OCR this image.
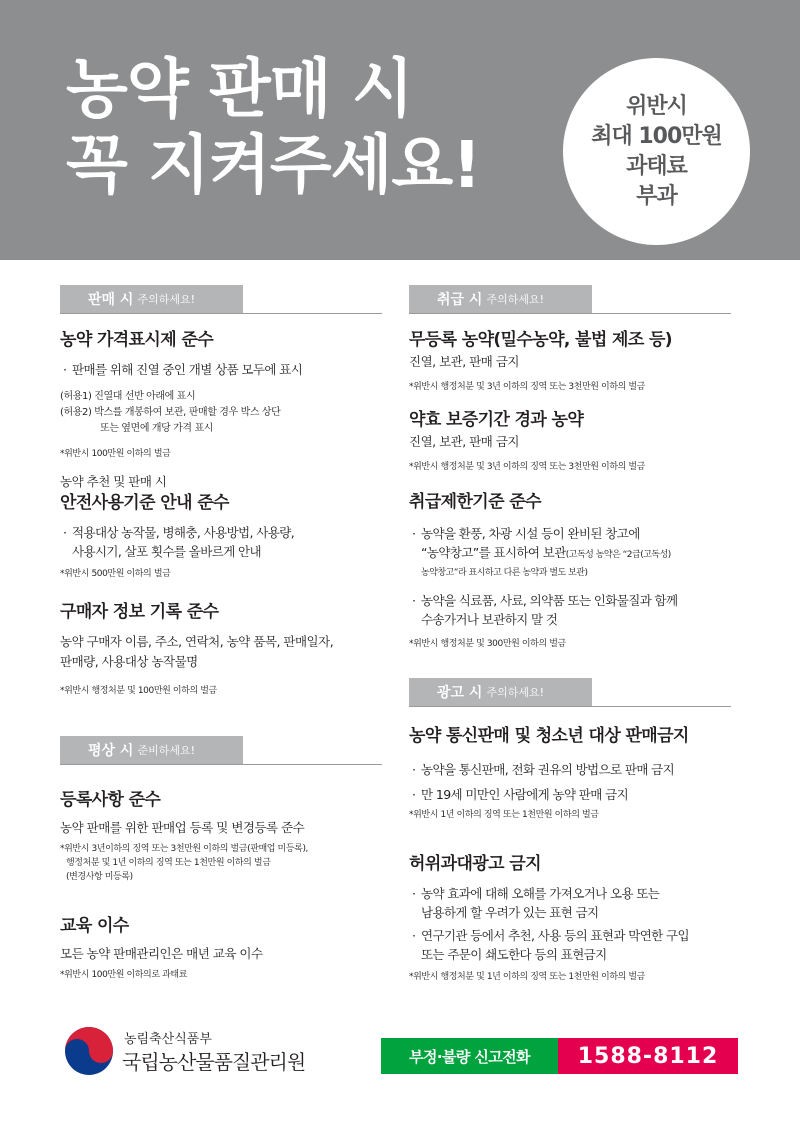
농약 판매 시
꼭 지켜주세요!
위반시
최대 100만원
과태료
부과
판매 시 주의하세요!
농약 가격표시제 준수
· 판매를 위해 진열 중인 개별 상품 모두에 표시
(허용1) 진열대 선반 아래에 표시
(허용2) 박스를 개봉하여 보관, 판매할 경우 박스 상단
또는 옆면에 개당 가격 표시
*위반시 100만원 이하의 벌금
농약 추천 및 판매 시
안전사용기준 안내 준수
· 적용대상 농작물, 병해충, 사용방법, 사용량,
사용시기, 살포 횟수를 올바르게 안내
*위반시 500만원 이하의 벌금
구매자 정보 기록 준수
농약 구매자 이름, 주소, 연락처, 농약 품목, 판매일자,
판매량, 사용대상 농작물명
*위반시 행정처분 및 100만원 이하의 벌금
평상 시 준비하세요!
등록사항 준수
농약 판매를 위한 판매업 등록 및 변경등록 준수
*위반시 3년이하의 징역 또는 3천만원 이하의 벌금(판매업 미등록),
행정처분 및 1년 이하의 징역 또는 1천만원 이하의 벌금
(변경사항 미등록)
교육 이수
모든 농약 판매관리인은 매년 교육 이수
*위반시 100만원 이하의로 과태료
취급 시 주의하세요!
무등록 농약(밀수농약, 불법 제조 등)
진열, 보관, 판매 금지
*위반시 행정처분 및 3년 이하의 징역 또는 3천만원 이하의 벌금
약효 보증기간 경과 농약
진열, 보관, 판매 금지
*위반시 행정처분 및 3년 이하의 징역 또는 3천만원 이하의 벌금
취급제한기준 준수
· 농약을 환풍, 차광 시설 등이 완비된 창고에
“농약창고”를 표시하여 보관(고독성 농약은 “2급(고독성)
농약창고”라 표시하고 다른 농약과 별도 보관)
· 농약을 식료품, 사료, 의약품 또는 인화물질과 함께
수송가거나 보관하지 말 것
*위반시 행정처분 및 300만원 이하의 벌금
광고 시 주의하세요!
농약 통신판매 및 청소년 대상 판매금지
· 농약을 통신판매, 전화 권유의 방법으로 판매 금지
· 만 19세 미만인 사람에게 농약 판매 금지
*위반시 1년 이하의 징역 또는 1천만원 이하의 벌금
허위과대광고 금지
· 농약 효과에 대해 오해를 가져오거나 오용 또는
남용하게 할 우려가 있는 표현 금지
· 연구기관 등에서 추천, 사용 등의 표현과 막연한 구입
또는 주문이 쇄도한다 등의 표현금지
*위반시 행정처분 및 1년 이하의 징역 또는 1천만원 이하의 벌금
농림축산식품부
국립농산물품질관리원	부정·불량 신고전화 1588-8112
